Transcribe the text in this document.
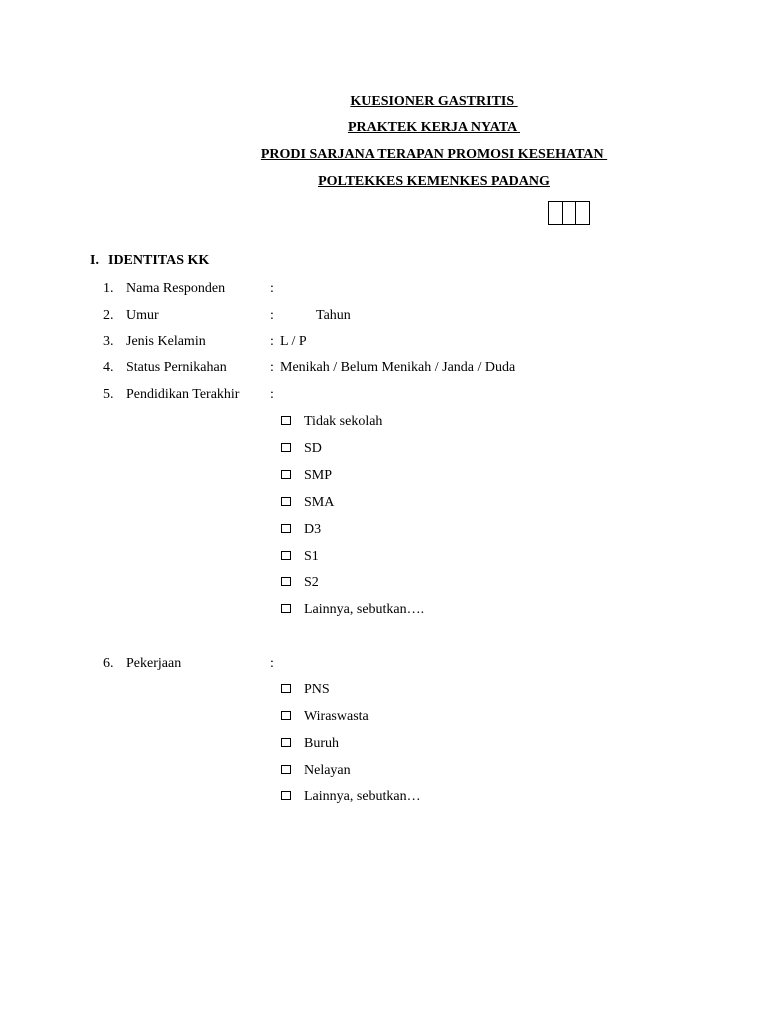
KUESIONER GASTRITIS
PRAKTEK KERJA NYATA
PRODI SARJANA TERAPAN PROMOSI KESEHATAN
POLTEKKES KEMENKES PADANG
I. IDENTITAS KK
1. Nama Responden	:
2. Umur	:	Tahun
3. Jenis Kelamin	: L / P
4. Status Pernikahan	: Menikah / Belum Menikah / Janda / Duda
5. Pendidikan Terakhir :
Tidak sekolah
SD
SMP
SMA
D3
S1
S2
Lainnya, sebutkan….
6. Pekerjaan	:
PNS
Wiraswasta
Buruh
Nelayan
Lainnya, sebutkan…
